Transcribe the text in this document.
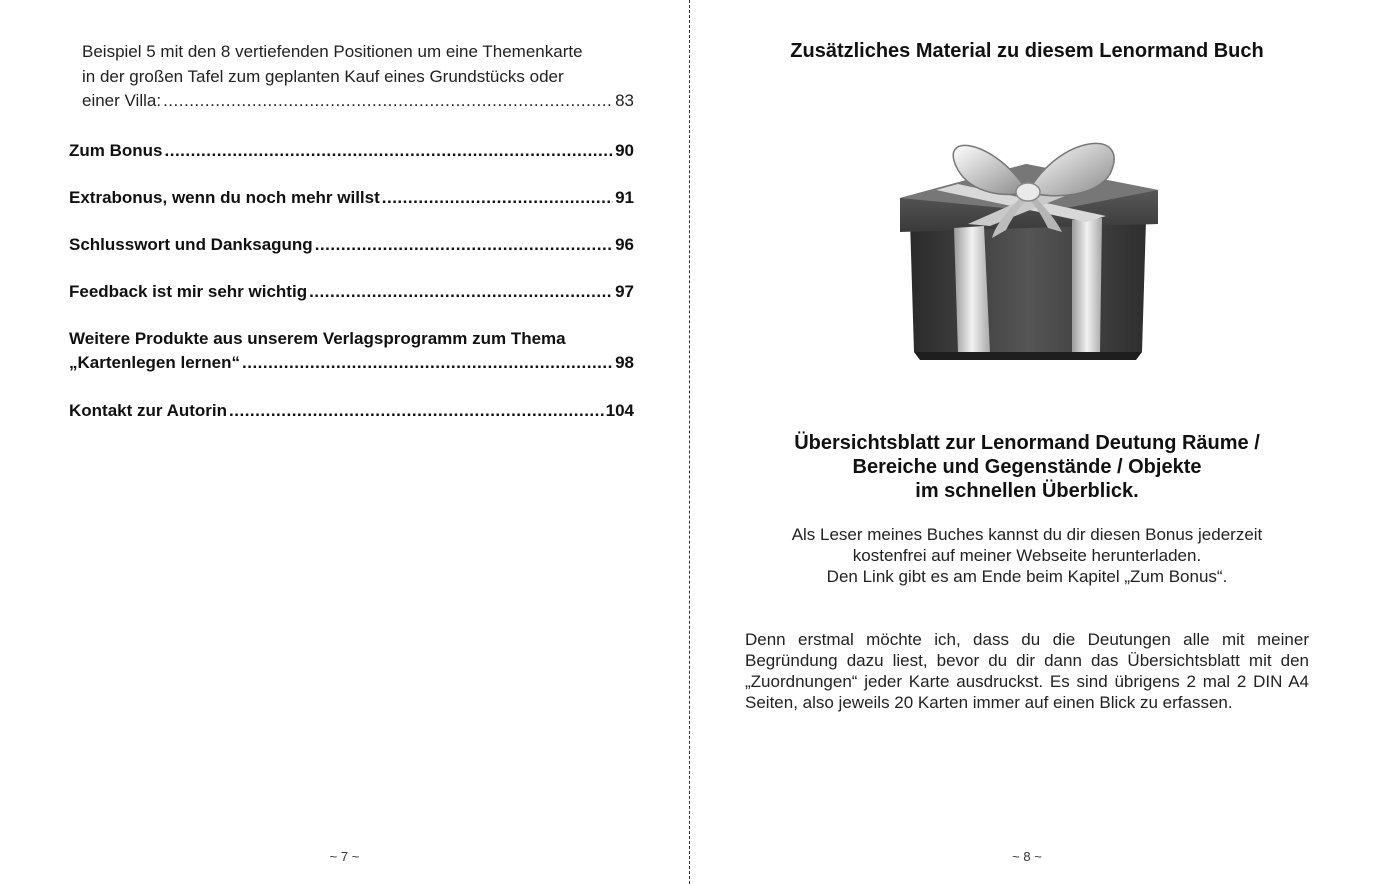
Beispiel 5 mit den 8 vertiefenden Positionen um eine Themenkarte
in der großen Tafel zum geplanten Kauf eines Grundstücks oder
einer Villa: .....	83
Zum Bonus .....	90
Extrabonus, wenn du noch mehr willst .....	91
Schlusswort und Danksagung .....	96
Feedback ist mir sehr wichtig .....	97
Weitere Produkte aus unserem Verlagsprogramm zum Thema
„Kartenlegen lernen“ .....	98
Kontakt zur Autorin .....	104
~ 7 ~
Zusätzliches Material zu diesem Lenormand Buch
Übersichtsblatt zur Lenormand Deutung Räume /
Bereiche und Gegenstände / Objekte
im schnellen Überblick.
Als Leser meines Buches kannst du dir diesen Bonus jederzeit
kostenfrei auf meiner Webseite herunterladen.
Den Link gibt es am Ende beim Kapitel „Zum Bonus“.
Denn erstmal möchte ich, dass du die Deutungen alle mit meiner Begründung dazu liest, bevor du dir dann das Übersichtsblatt mit den „Zuordnungen“ jeder Karte ausdruckst. Es sind übrigens 2 mal 2 DIN A4 Seiten, also jeweils 20 Karten immer auf einen Blick zu erfassen.
~ 8 ~
